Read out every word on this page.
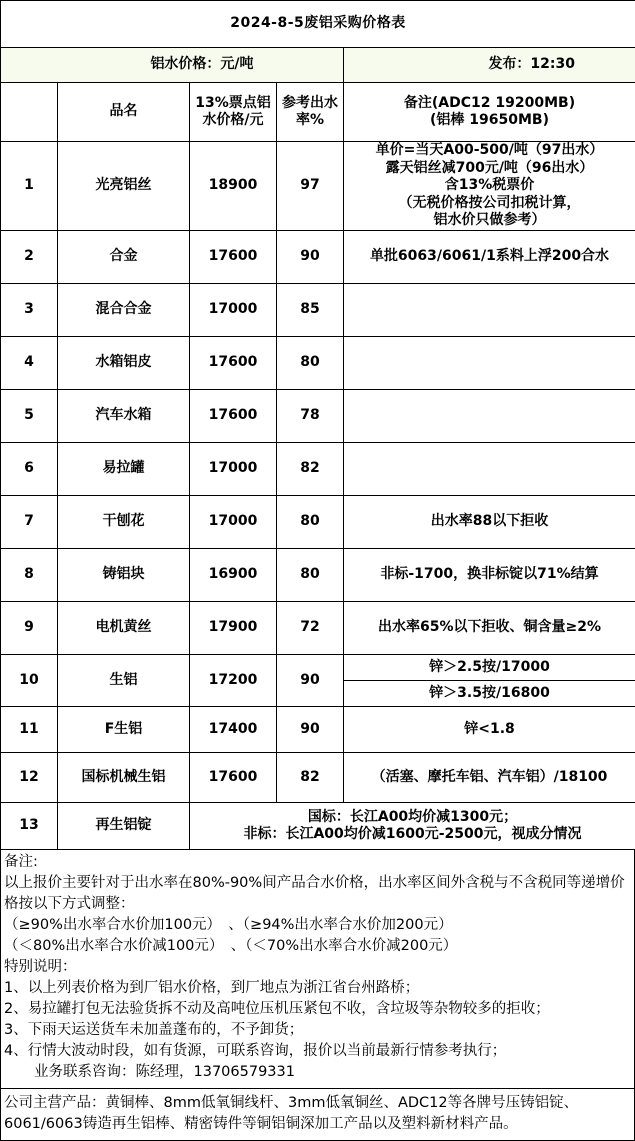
2024-8-5废铝采购价格表				
铝水价格：元/吨				发布：12:30
	品名	13%票点铝水价格/元	参考出水率%	备注(ADC12 19200MB)
(铝棒 19650MB)

1	光亮铝丝	18900	97	单价=当天A00-500/吨（97出水）
露天铝丝减700元/吨（96出水）
含13%税票价
（无税价格按公司扣税计算，
铝水价只做参考）

2	合金	17600	90	单批6063/6061/1系料上浮200合水
3	混合合金	17000	85	
4	水箱铝皮	17600	80	
5	汽车水箱	17600	78	
6	易拉罐	17000	82	
7	干刨花	17000	80	出水率88以下拒收
8	铸铝块	16900	80	非标-1700，换非标锭以71%结算
9	电机黄丝	17900	72	出水率65%以下拒收、铜含量≥2%
10	生铝	17200	90	锌＞2.5按/17000
				锌＞3.5按/16800
11	F生铝	17400	90	锌<1.8
12	国标机械生铝	17600	82	（活塞、摩托车铝、汽车铝）/18100
13	再生铝锭	国标：长江A00均价减1300元；
非标：长江A00均价减1600元-2500元，视成分情况		
备注:
以上报价主要针对于出水率在80%-90%间产品合水价格，出水率区间外含税与不含税同等递增价格按以下方式调整：
（≥90%出水率合水价加100元）　、（≥94%出水率合水价加200元）
（＜80%出水率合水价减100元）　、（＜70%出水率合水价减200元）
特别说明：
1、以上列表价格为到厂铝水价格，到厂地点为浙江省台州路桥；
2、易拉罐打包无法验货拆不动及高吨位压机压紧包不收，含垃圾等杂物较多的拒收；
3、下雨天运送货车未加盖蓬布的，不予卸货；
4、行情大波动时段，如有货源，可联系咨询，报价以当前最新行情参考执行；
业务联系咨询：陈经理，13706579331
公司主营产品：黄铜棒、8mm低氧铜线杆、3mm低氧铜丝、ADC12等各牌号压铸铝锭、6061/6063铸造再生铝棒、精密铸件等铜铝铜深加工产品以及塑料新材料产品。
